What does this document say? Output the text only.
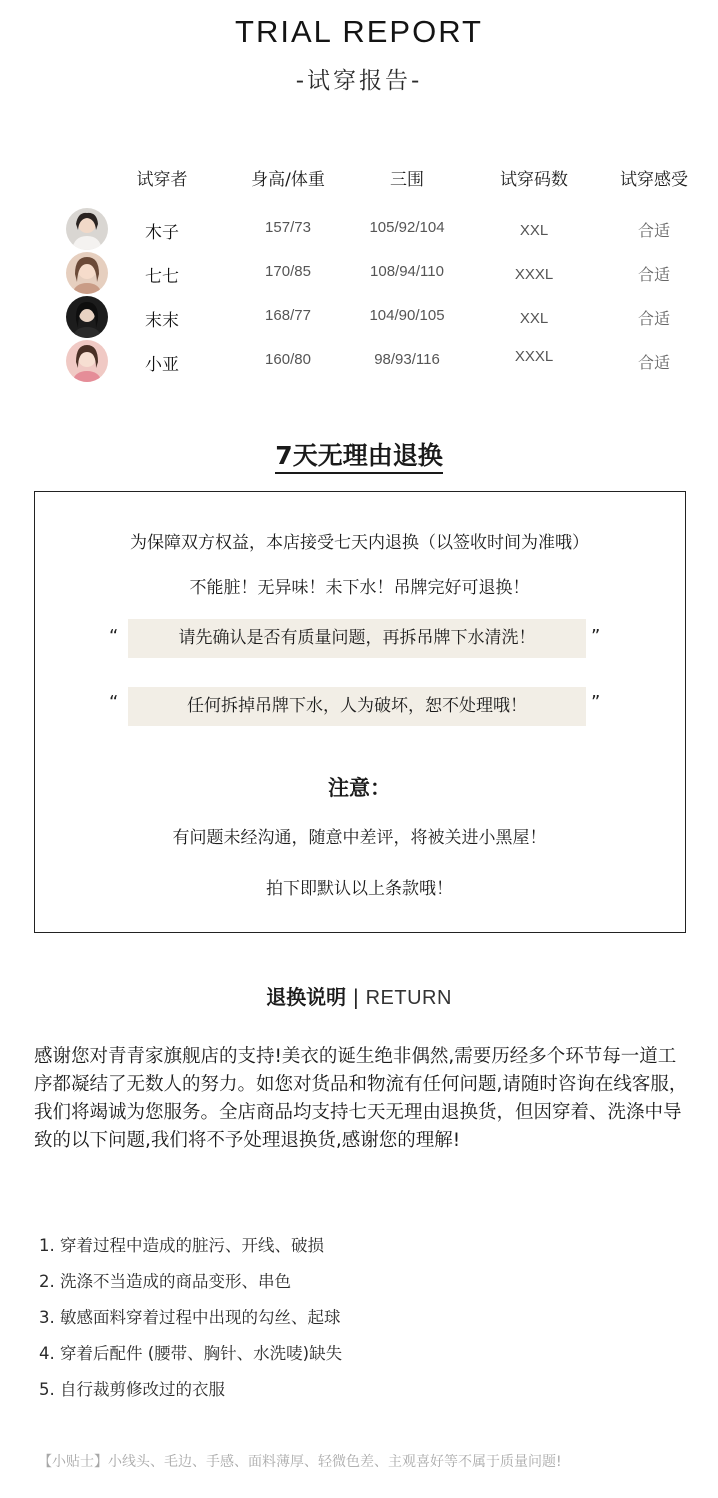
TRIAL REPORT
-试穿报告-
试穿者	身高/体重	三围	试穿码数	试穿感受
木子	157/73	105/92/104	XXL	合适
七七	170/85	108/94/110	XXXL	合适
末末	168/77	104/90/105	XXL	合适
小亚	160/80	98/93/116	XXXL	合适
7天无理由退换
为保障双方权益，本店接受七天内退换（以签收时间为准哦）
不能脏！无异味！未下水！吊牌完好可退换！
“	请先确认是否有质量问题，再拆吊牌下水清洗！	”
“	任何拆掉吊牌下水，人为破坏，恕不处理哦！	”
注意：
有问题未经沟通，随意中差评，将被关进小黑屋！
拍下即默认以上条款哦！
退换说明 | RETURN
感谢您对青青家旗舰店的支持!美衣的诞生绝非偶然,需要历经多个环节每一道工序都凝结了无数人的努力。如您对货品和物流有任何问题,请随时咨询在线客服，我们将竭诚为您服务。全店商品均支持七天无理由退换货，但因穿着、洗涤中导致的以下问题,我们将不予处理退换货,感谢您的理解!
1. 穿着过程中造成的脏污、开线、破损
2. 洗涤不当造成的商品变形、串色
3. 敏感面料穿着过程中出现的勾丝、起球
4. 穿着后配件 (腰带、胸针、水洗唛)缺失
5. 自行裁剪修改过的衣服
【小贴士】小线头、毛边、手感、面料薄厚、轻微色差、主观喜好等不属于质量问题!
